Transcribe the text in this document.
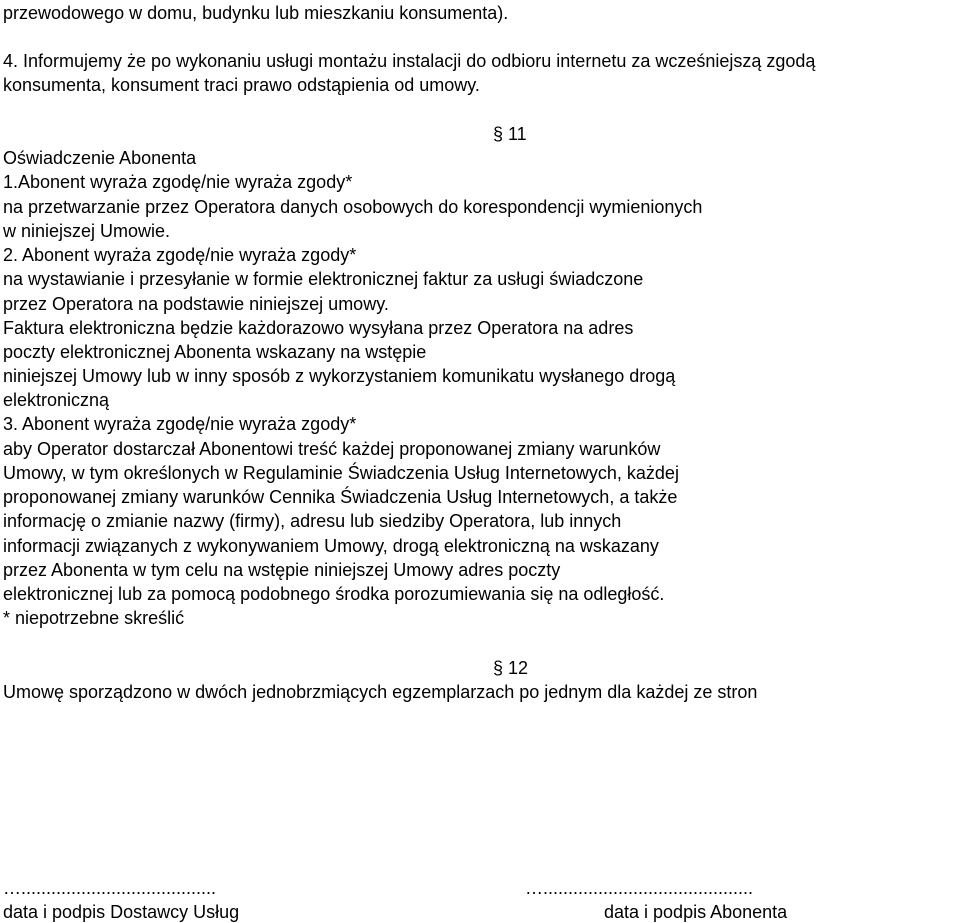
przewodowego w domu, budynku lub mieszkaniu konsumenta).
4. Informujemy że po wykonaniu usługi montażu instalacji do odbioru internetu za wcześniejszą zgodą
konsumenta, konsument traci prawo odstąpienia od umowy.
§ 11
Oświadczenie Abonenta
1.Abonent wyraża zgodę/nie wyraża zgody*
na przetwarzanie przez Operatora danych osobowych do korespondencji wymienionych
w niniejszej Umowie.
2. Abonent wyraża zgodę/nie wyraża zgody*
na wystawianie i przesyłanie w formie elektronicznej faktur za usługi świadczone
przez Operatora na podstawie niniejszej umowy.
Faktura elektroniczna będzie każdorazowo wysyłana przez Operatora na adres
poczty elektronicznej Abonenta wskazany na wstępie
niniejszej Umowy lub w inny sposób z wykorzystaniem komunikatu wysłanego drogą
elektroniczną
3. Abonent wyraża zgodę/nie wyraża zgody*
aby Operator dostarczał Abonentowi treść każdej proponowanej zmiany warunków
Umowy, w tym określonych w Regulaminie Świadczenia Usług Internetowych, każdej
proponowanej zmiany warunków Cennika Świadczenia Usług Internetowych, a także
informację o zmianie nazwy (firmy), adresu lub siedziby Operatora, lub innych
informacji związanych z wykonywaniem Umowy, drogą elektroniczną na wskazany
przez Abonenta w tym celu na wstępie niniejszej Umowy adres poczty
elektronicznej lub za pomocą podobnego środka porozumiewania się na odległość.
* niepotrzebne skreślić
§ 12
Umowę sporządzono w dwóch jednobrzmiących egzemplarzach po jednym dla każdej ze stron
….......................................	…..........................................
data i podpis Dostawcy Usług	data i podpis Abonenta
